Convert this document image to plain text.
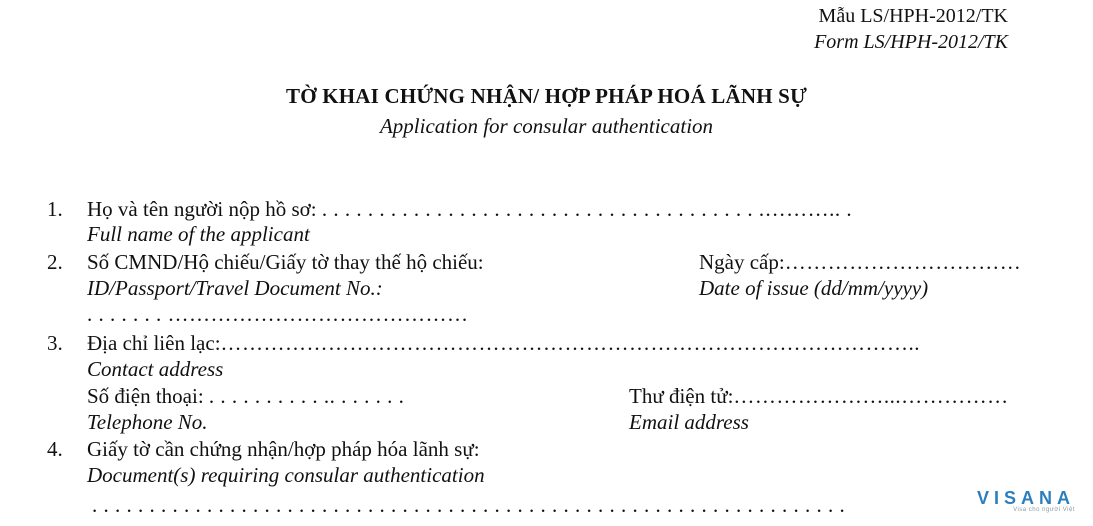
Mẫu LS/HPH-2012/TK
Form LS/HPH-2012/TK
TỜ KHAI CHỨNG NHẬN/ HỢP PHÁP HOÁ LÃNH SỰ
Application for consular authentication
1. Họ và tên người nộp hồ sơ: . . . . . . . . . . . . . . . . . . . . . . . . . . . . . . . . . . . . . . .……….. .
Full name of the applicant
2. Số CMND/Hộ chiếu/Giấy tờ thay thế hộ chiếu:	Ngày cấp:……………………………
ID/Passport/Travel Document No.:	Date of issue (dd/mm/yyyy)
. . . . . . . ……………………………………
3. Địa chỉ liên lạc:……………………………………………………………………………………..
Contact address
Số điện thoại: . . . . . . . . . . .. . . . . . .	Thư điện tử:…………………...……………
Telephone No.	Email address
4. Giấy tờ cần chứng nhận/hợp pháp hóa lãnh sự:
Document(s) requiring consular authentication
. . . . . . . . . . . . . . . . . . . . . . . . . . . . . . . . . . . . . . . . . . . . . . . . . . . . . . . . . . . . . . . . . .	VISANA
Visa cho người Việt
